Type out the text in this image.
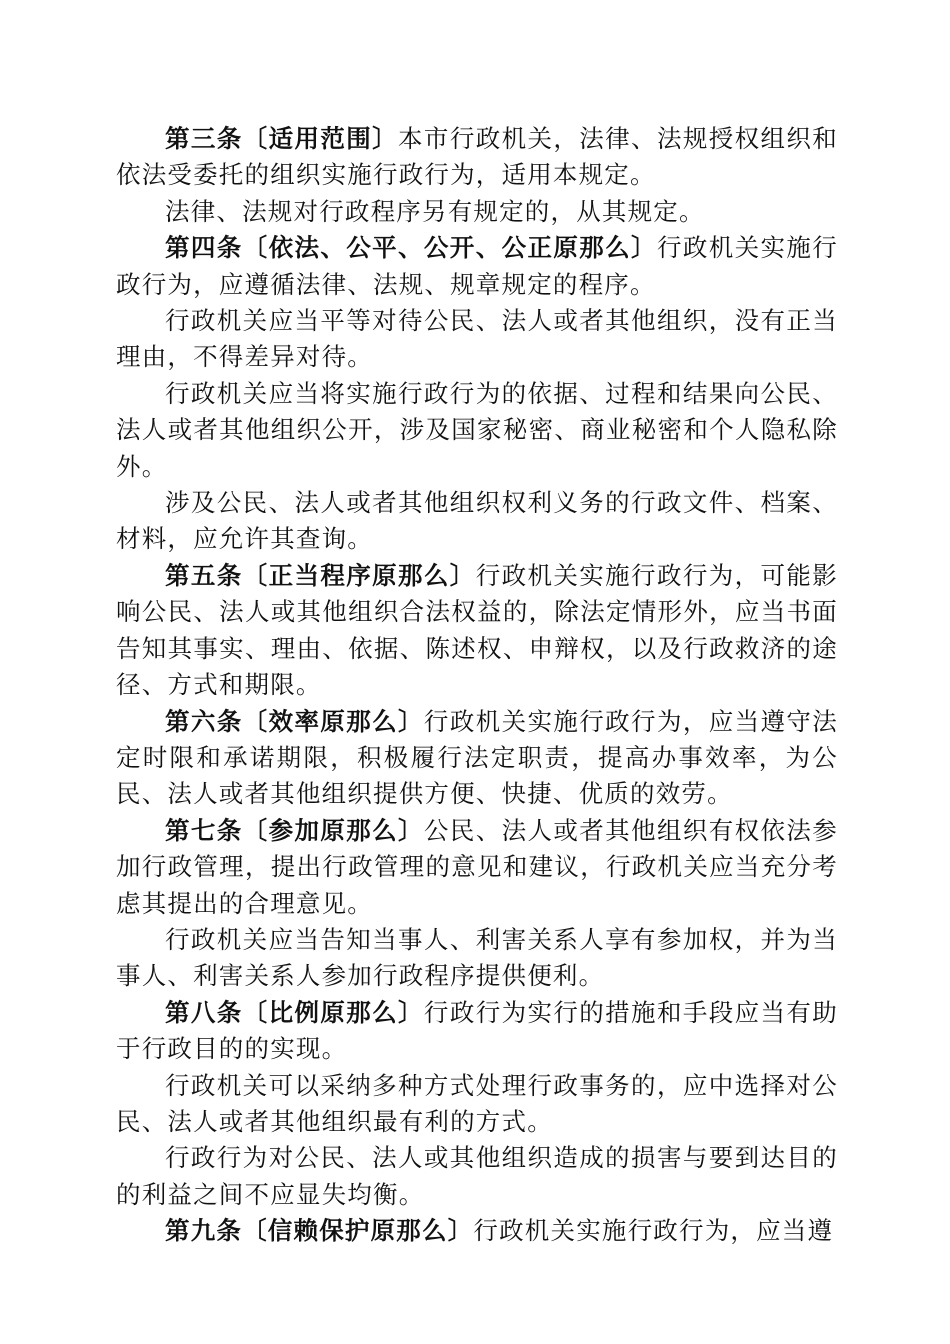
第三条〔适用范围〕本市行政机关，法律、法规授权组织和依法受委托的组织实施行政行为，适用本规定。

法律、法规对行政程序另有规定的，从其规定。

第四条〔依法、公平、公开、公正原那么〕行政机关实施行政行为，应遵循法律、法规、规章规定的程序。

行政机关应当平等对待公民、法人或者其他组织，没有正当理由，不得差异对待。

行政机关应当将实施行政行为的依据、过程和结果向公民、法人或者其他组织公开，涉及国家秘密、商业秘密和个人隐私除外。

涉及公民、法人或者其他组织权利义务的行政文件、档案、材料，应允许其查询。

第五条〔正当程序原那么〕行政机关实施行政行为，可能影响公民、法人或其他组织合法权益的，除法定情形外，应当书面告知其事实、理由、依据、陈述权、申辩权，以及行政救济的途径、方式和期限。

第六条〔效率原那么〕行政机关实施行政行为，应当遵守法定时限和承诺期限，积极履行法定职责，提高办事效率，为公民、法人或者其他组织提供方便、快捷、优质的效劳。

第七条〔参加原那么〕公民、法人或者其他组织有权依法参加行政管理，提出行政管理的意见和建议，行政机关应当充分考虑其提出的合理意见。

行政机关应当告知当事人、利害关系人享有参加权，并为当事人、利害关系人参加行政程序提供便利。

第八条〔比例原那么〕行政行为实行的措施和手段应当有助于行政目的的实现。

行政机关可以采纳多种方式处理行政事务的，应中选择对公民、法人或者其他组织最有利的方式。

行政行为对公民、法人或其他组织造成的损害与要到达目的的利益之间不应显失均衡。

第九条〔信赖保护原那么〕行政机关实施行政行为，应当遵
